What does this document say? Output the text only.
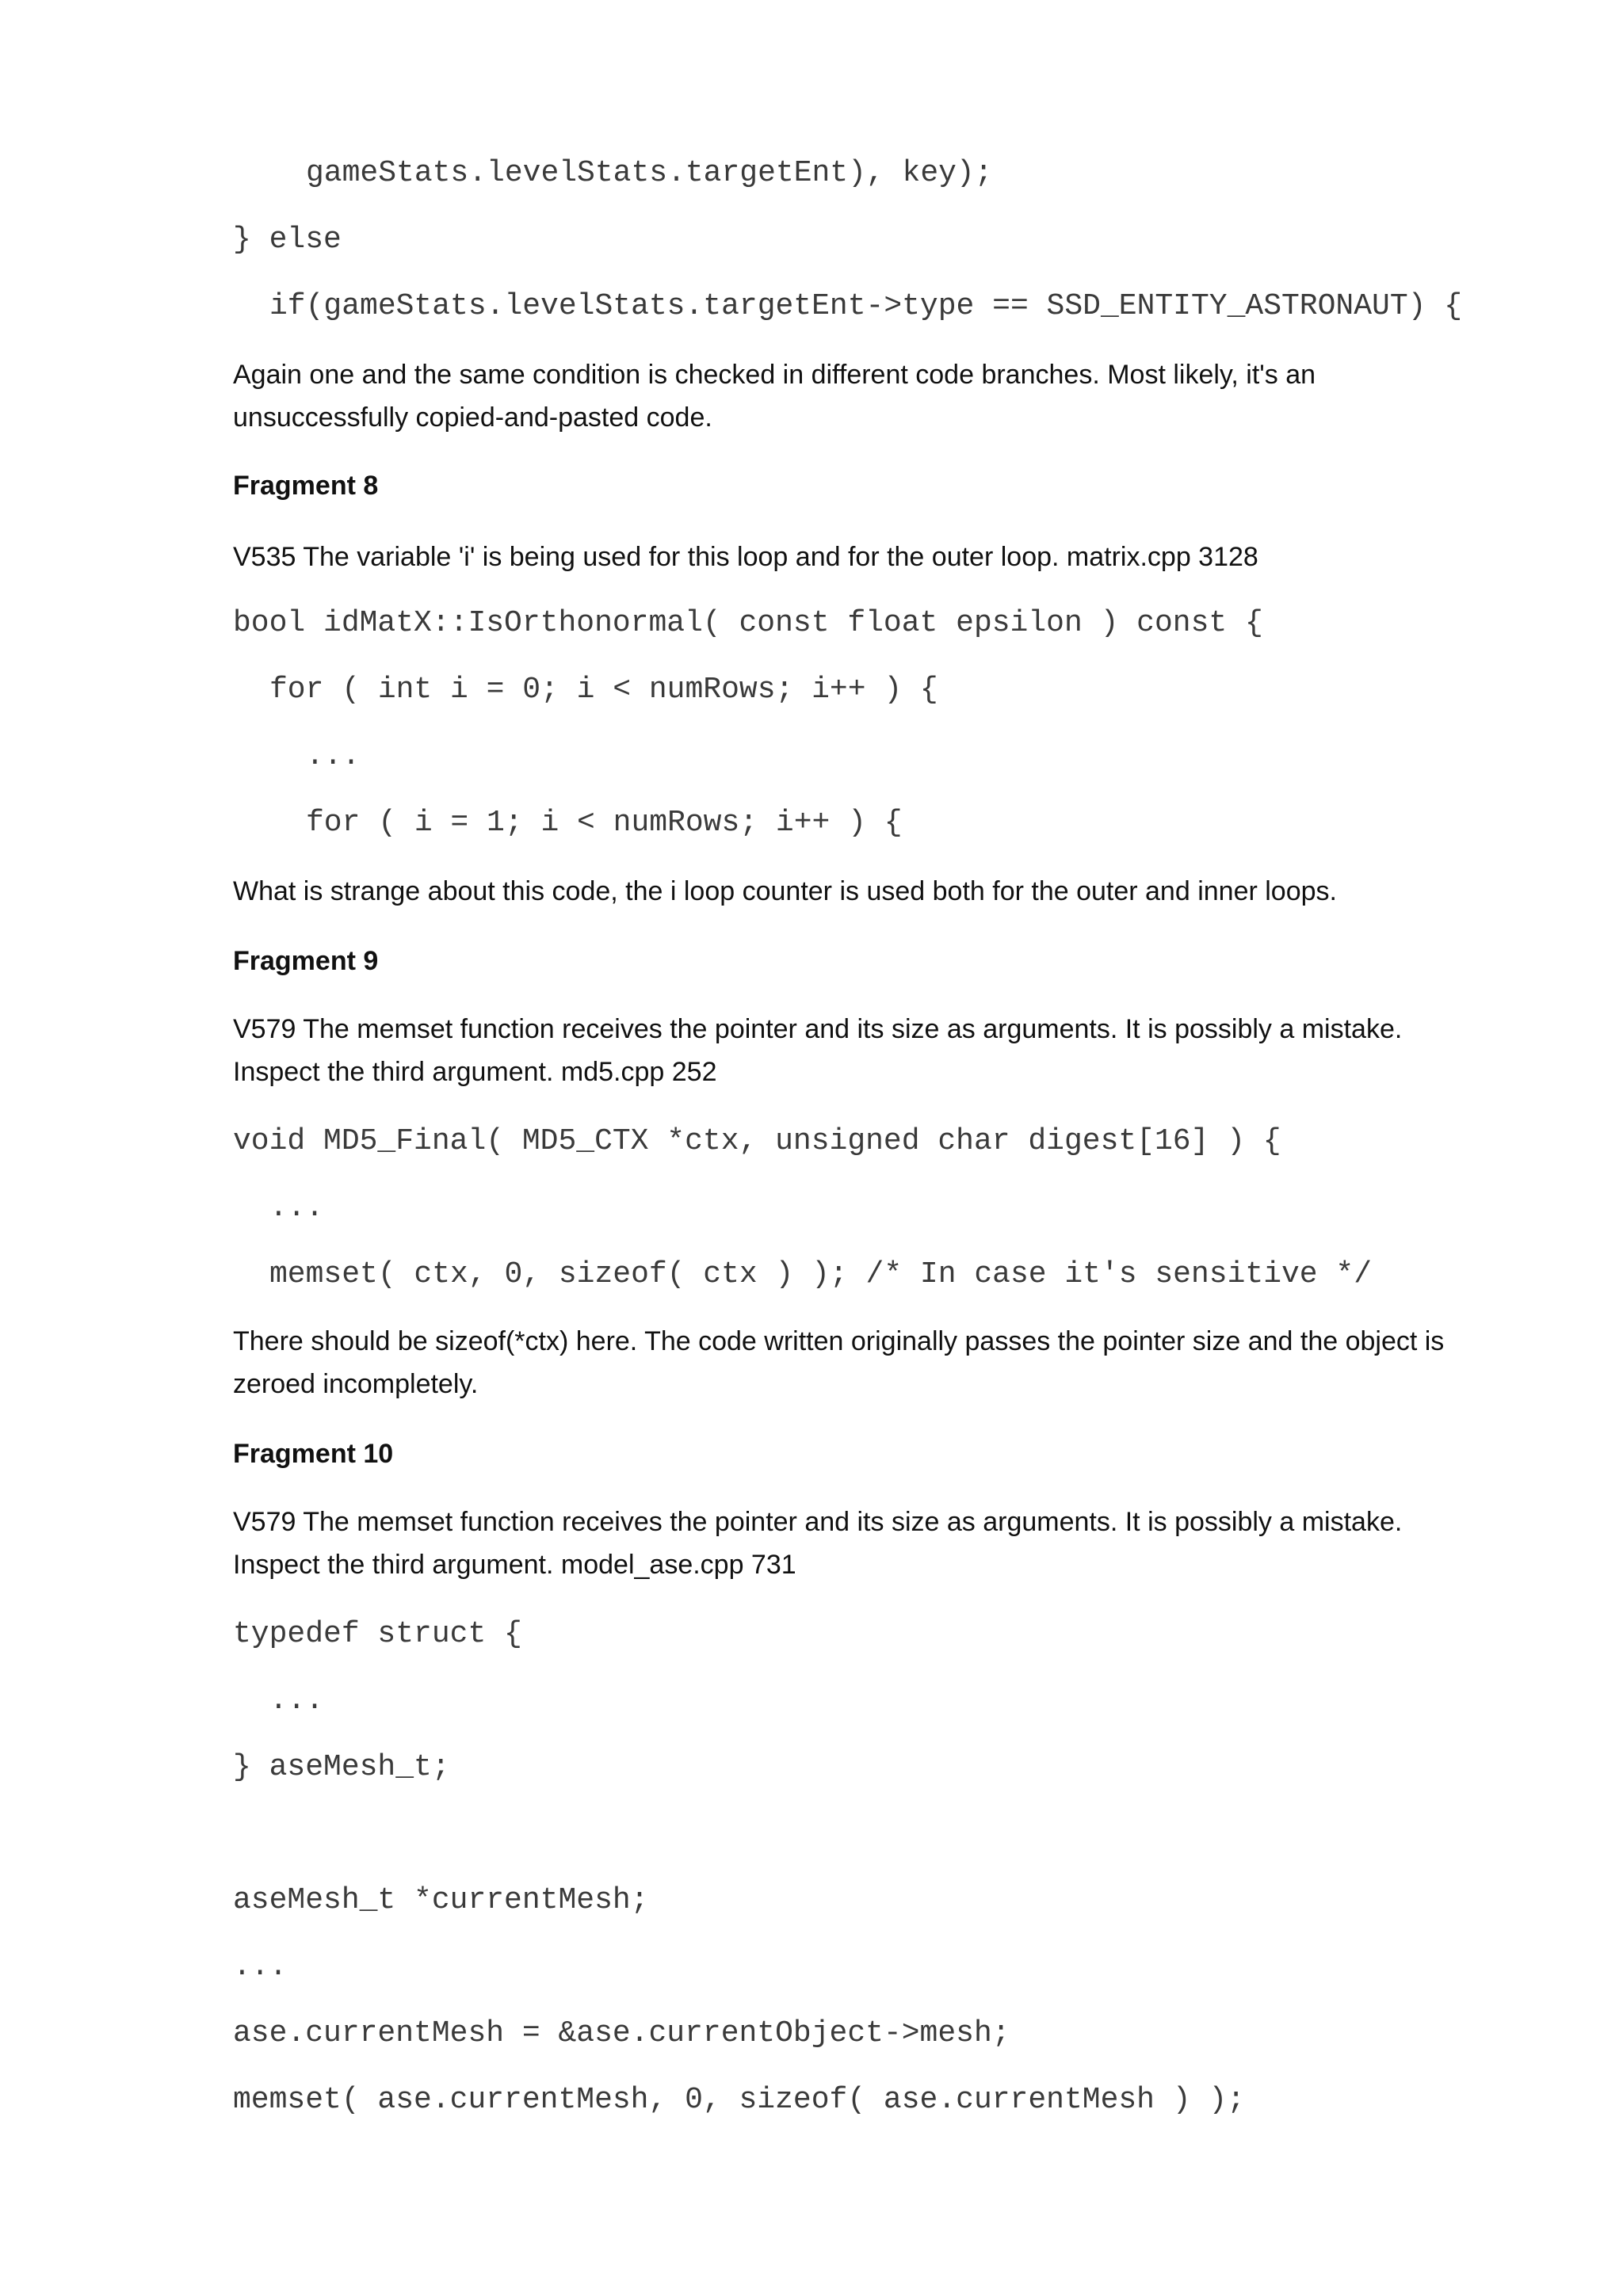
gameStats.levelStats.targetEnt), key);
} else
if(gameStats.levelStats.targetEnt->type == SSD_ENTITY_ASTRONAUT) {

Again one and the same condition is checked in different code branches. Most likely, it's an unsuccessfully copied-and-pasted code.

Fragment 8

V535 The variable 'i' is being used for this loop and for the outer loop. matrix.cpp 3128

bool idMatX::IsOrthonormal( const float epsilon ) const {
for ( int i = 0; i < numRows; i++ ) {
...
for ( i = 1; i < numRows; i++ ) {

What is strange about this code, the i loop counter is used both for the outer and inner loops.

Fragment 9

V579 The memset function receives the pointer and its size as arguments. It is possibly a mistake. Inspect the third argument. md5.cpp 252

void MD5_Final( MD5_CTX *ctx, unsigned char digest[16] ) {
...
memset( ctx, 0, sizeof( ctx ) ); /* In case it's sensitive */

There should be sizeof(*ctx) here. The code written originally passes the pointer size and the object is zeroed incompletely.

Fragment 10

V579 The memset function receives the pointer and its size as arguments. It is possibly a mistake. Inspect the third argument. model_ase.cpp 731

typedef struct {
...
} aseMesh_t;
aseMesh_t *currentMesh;
...
ase.currentMesh = &ase.currentObject->mesh;
memset( ase.currentMesh, 0, sizeof( ase.currentMesh ) );
